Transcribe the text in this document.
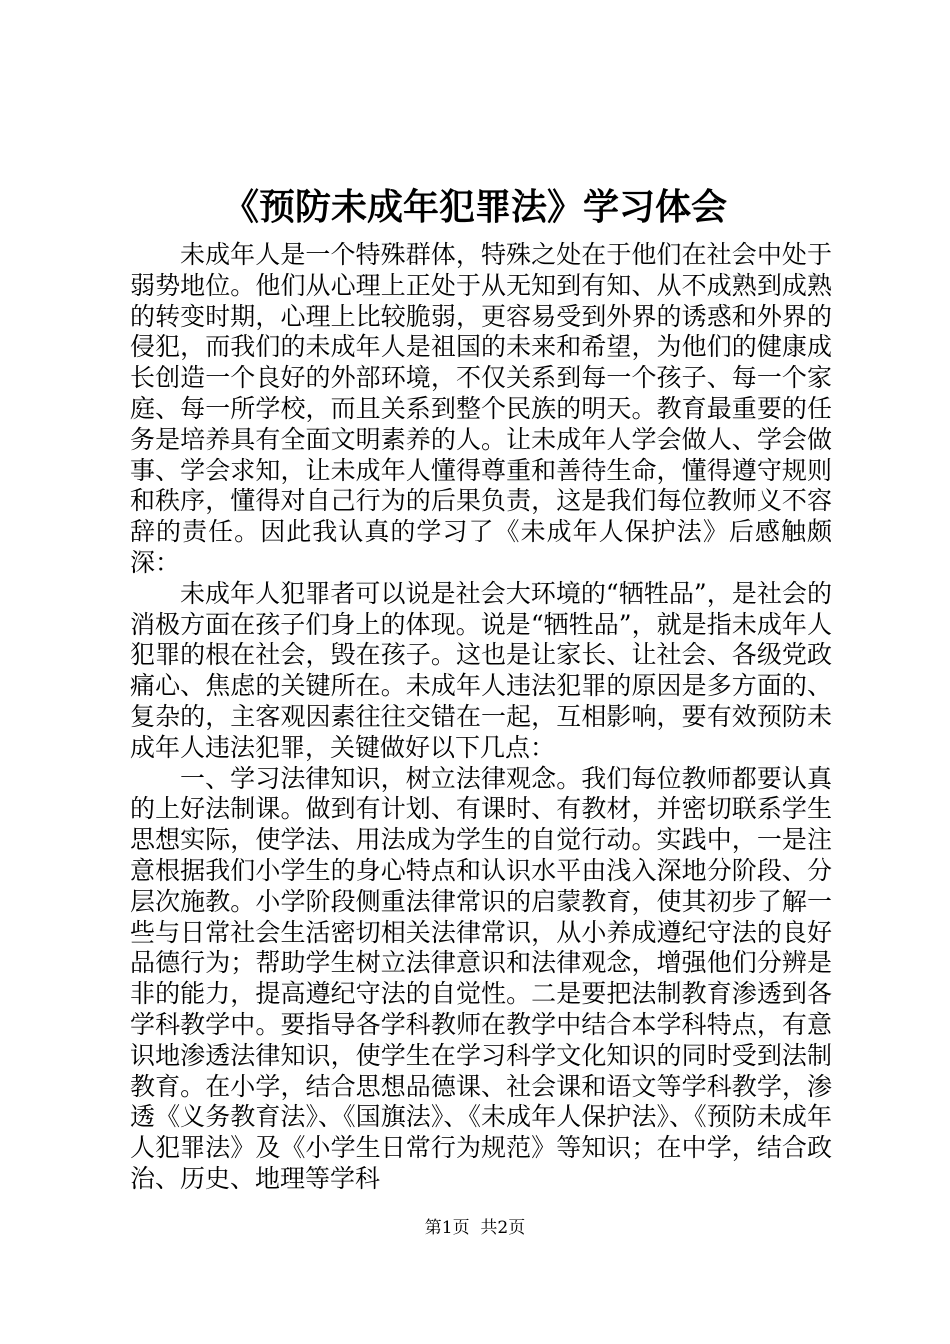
《预防未成年犯罪法》学习体会

未成年人是一个特殊群体，特殊之处在于他们在社会中处于弱势地位。他们从心理上正处于从无知到有知、从不成熟到成熟的转变时期，心理上比较脆弱，更容易受到外界的诱惑和外界的侵犯，而我们的未成年人是祖国的未来和希望，为他们的健康成长创造一个良好的外部环境，不仅关系到每一个孩子、每一个家庭、每一所学校，而且关系到整个民族的明天。教育最重要的任务是培养具有全面文明素养的人。让未成年人学会做人、学会做事、学会求知，让未成年人懂得尊重和善待生命，懂得遵守规则和秩序，懂得对自己行为的后果负责，这是我们每位教师义不容辞的责任。因此我认真的学习了《未成年人保护法》后感触颇深：

未成年人犯罪者可以说是社会大环境的“牺牲品”，是社会的消极方面在孩子们身上的体现。说是“牺牲品”，就是指未成年人犯罪的根在社会，毁在孩子。这也是让家长、让社会、各级党政痛心、焦虑的关键所在。未成年人违法犯罪的原因是多方面的、复杂的，主客观因素往往交错在一起，互相影响，要有效预防未成年人违法犯罪，关键做好以下几点：

一、学习法律知识，树立法律观念。我们每位教师都要认真的上好法制课。做到有计划、有课时、有教材，并密切联系学生思想实际，使学法、用法成为学生的自觉行动。实践中，一是注意根据我们小学生的身心特点和认识水平由浅入深地分阶段、分层次施教。小学阶段侧重法律常识的启蒙教育，使其初步了解一些与日常社会生活密切相关法律常识，从小养成遵纪守法的良好品德行为；帮助学生树立法律意识和法律观念，增强他们分辨是非的能力，提高遵纪守法的自觉性。二是要把法制教育渗透到各学科教学中。要指导各学科教师在教学中结合本学科特点，有意识地渗透法律知识，使学生在学习科学文化知识的同时受到法制教育。在小学，结合思想品德课、社会课和语文等学科教学，渗透《义务教育法》、《国旗法》、《未成年人保护法》、《预防未成年人犯罪法》及《小学生日常行为规范》等知识；在中学，结合政治、历史、地理等学科

第1页 共2页
